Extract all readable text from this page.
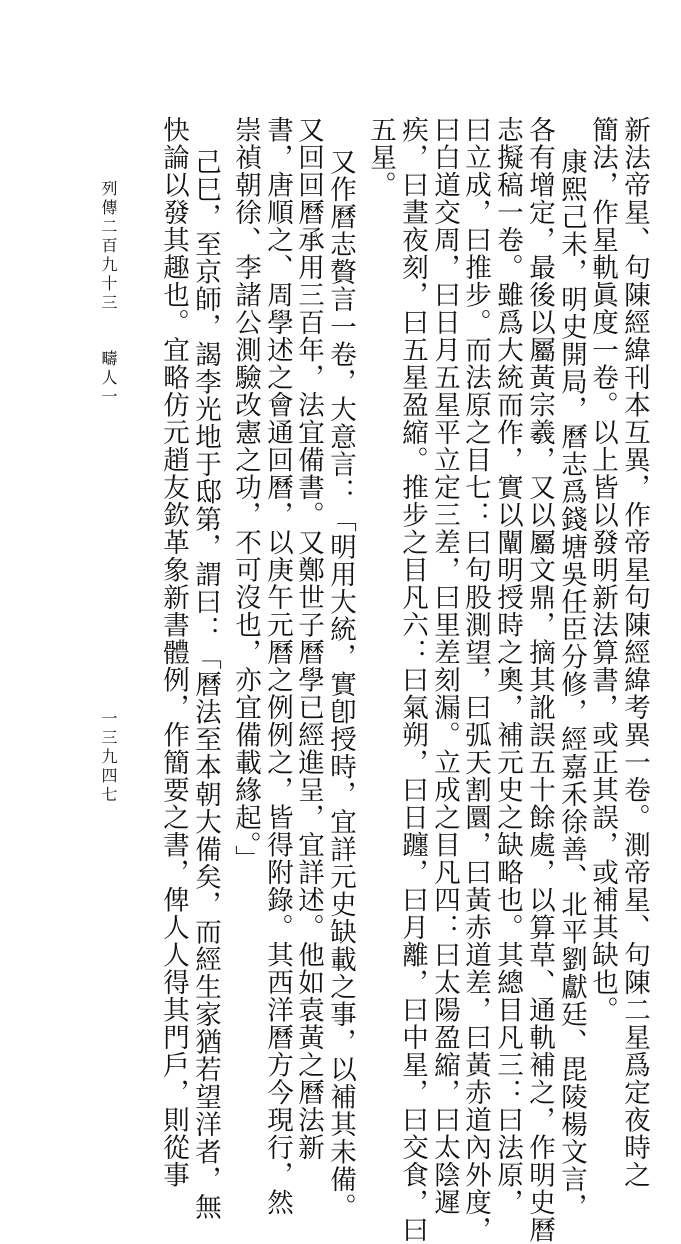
新法帝星、句陳經緯刊本互異，作帝星句陳經緯考異一卷。測帝星、句陳二星爲定夜時之
簡法，作星軌眞度一卷。以上皆以發明新法算書，或正其誤，或補其缺也。
康熙己未，明史開局，曆志爲錢塘吳任臣分修，經嘉禾徐善、北平劉獻廷、毘陵楊文言，
各有增定，最後以屬黃宗羲，又以屬文鼎，摘其訛誤五十餘處，以算草、通軌補之，作明史曆
志擬稿一卷。雖爲大統而作，實以闡明授時之奧，補元史之缺略也。其總目凡三：曰法原，
曰立成，曰推步。而法原之目七：曰句股測望，曰弧天割圜，曰黃赤道差，曰黃赤道內外度，
曰白道交周，曰日月五星平立定三差，曰里差刻漏。立成之目凡四：曰太陽盈縮，曰太陰遲
疾，曰晝夜刻，曰五星盈縮。推步之目凡六：曰氣朔，曰日躔，曰月離，曰中星，曰交食，曰
五星。
又作曆志贅言一卷，大意言：「明用大統，實卽授時，宜詳元史缺載之事，以補其未備。
又回回曆承用三百年，法宜備書。又鄭世子曆學已經進呈，宜詳述。他如袁黃之曆法新
書，唐順之、周學述之會通回曆，以庚午元曆之例例之，皆得附錄。其西洋曆方今現行，然
崇禎朝徐、李諸公測驗改憲之功，不可沒也，亦宜備載緣起。」
己巳，至京師，謁李光地于邸第，謂曰：「曆法至本朝大備矣，而經生家猶若望洋者，無
快論以發其趣也。宜略仿元趙友欽革象新書體例，作簡要之書，俾人人得其門戶，則從事
列傳二百九十三
疇人一
一三九四七
